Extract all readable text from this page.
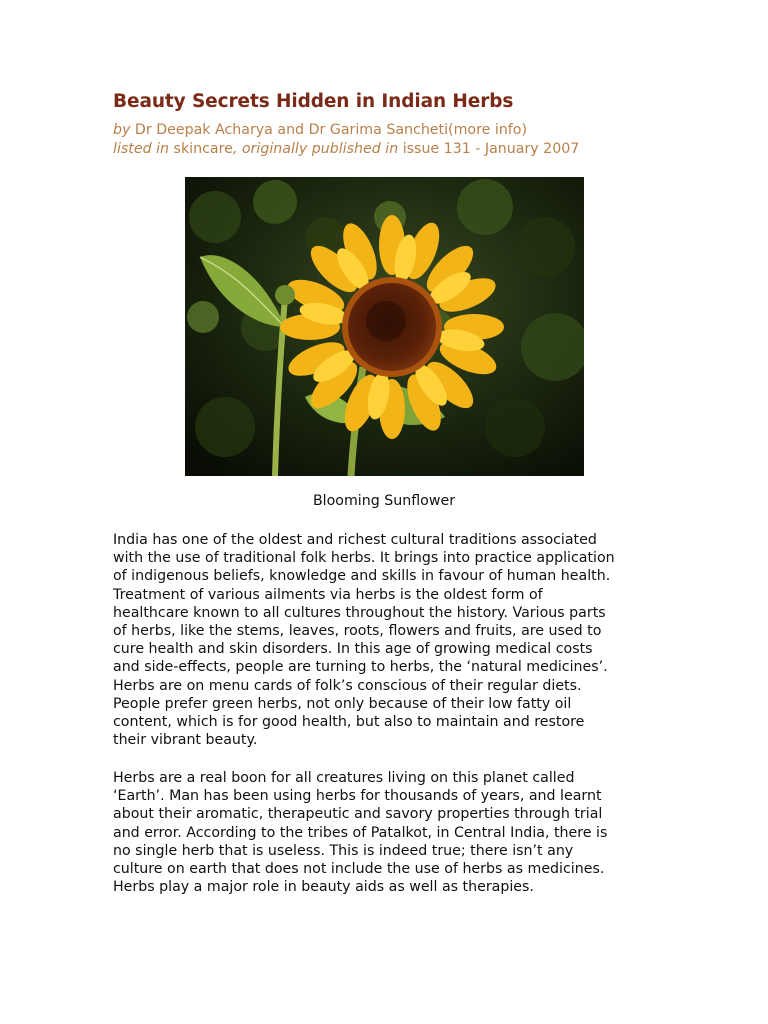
Beauty Secrets Hidden in Indian Herbs
by Dr Deepak Acharya and Dr Garima Sancheti(more info)
listed in skincare, originally published in issue 131 - January 2007
Blooming Sunflower

India has one of the oldest and richest cultural traditions associated
with the use of traditional folk herbs. It brings into practice application
of indigenous beliefs, knowledge and skills in favour of human health.
Treatment of various ailments via herbs is the oldest form of
healthcare known to all cultures throughout the history. Various parts
of herbs, like the stems, leaves, roots, flowers and fruits, are used to
cure health and skin disorders. In this age of growing medical costs
and side-effects, people are turning to herbs, the ‘natural medicines’.
Herbs are on menu cards of folk’s conscious of their regular diets.
People prefer green herbs, not only because of their low fatty oil
content, which is for good health, but also to maintain and restore
their vibrant beauty.

Herbs are a real boon for all creatures living on this planet called
‘Earth’. Man has been using herbs for thousands of years, and learnt
about their aromatic, therapeutic and savory properties through trial
and error. According to the tribes of Patalkot, in Central India, there is
no single herb that is useless. This is indeed true; there isn’t any
culture on earth that does not include the use of herbs as medicines.
Herbs play a major role in beauty aids as well as therapies.
